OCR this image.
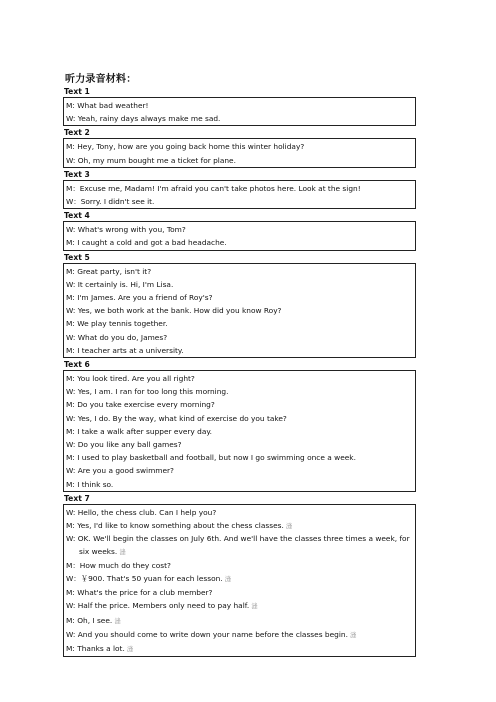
听力录音材料：
Text 1
M: What bad weather!
W: Yeah, rainy days always make me sad.
Text 2
M: Hey, Tony, how are you going back home this winter holiday?
W: Oh, my mum bought me a ticket for plane.
Text 3
M：Excuse me, Madam! I'm afraid you can't take photos here. Look at the sign!
W：Sorry. I didn't see it.
Text 4
W: What's wrong with you, Tom?
M: I caught a cold and got a bad headache.
Text 5
M: Great party, isn't it?
W: It certainly is. Hi, I'm Lisa.
M: I'm James. Are you a friend of Roy's?
W: Yes, we both work at the bank. How did you know Roy?
M: We play tennis together.
W: What do you do, James?
M: I teacher arts at a university.
Text 6
M: You look tired. Are you all right?
W: Yes, I am. I ran for too long this morning.
M: Do you take exercise every morning?
W: Yes, I do. By the way, what kind of exercise do you take?
M: I take a walk after supper every day.
W: Do you like any ball games?
M: I used to play basketball and football, but now I go swimming once a week.
W: Are you a good swimmer?
M: I think so.
Text 7
W: Hello, the chess club. Can I help you?
M: Yes, I'd like to know something about the chess classes. 漨
W: OK. We'll begin the classes on July 6th. And we'll have the classes three times a week, for six weeks. 漨
M：How much do they cost?
W：￥900. That's 50 yuan for each lesson. 漨
M: What's the price for a club member?
W: Half the price. Members only need to pay half. 漨
M: Oh, I see. 漨
W: And you should come to write down your name before the classes begin. 漨
M: Thanks a lot. 漨
